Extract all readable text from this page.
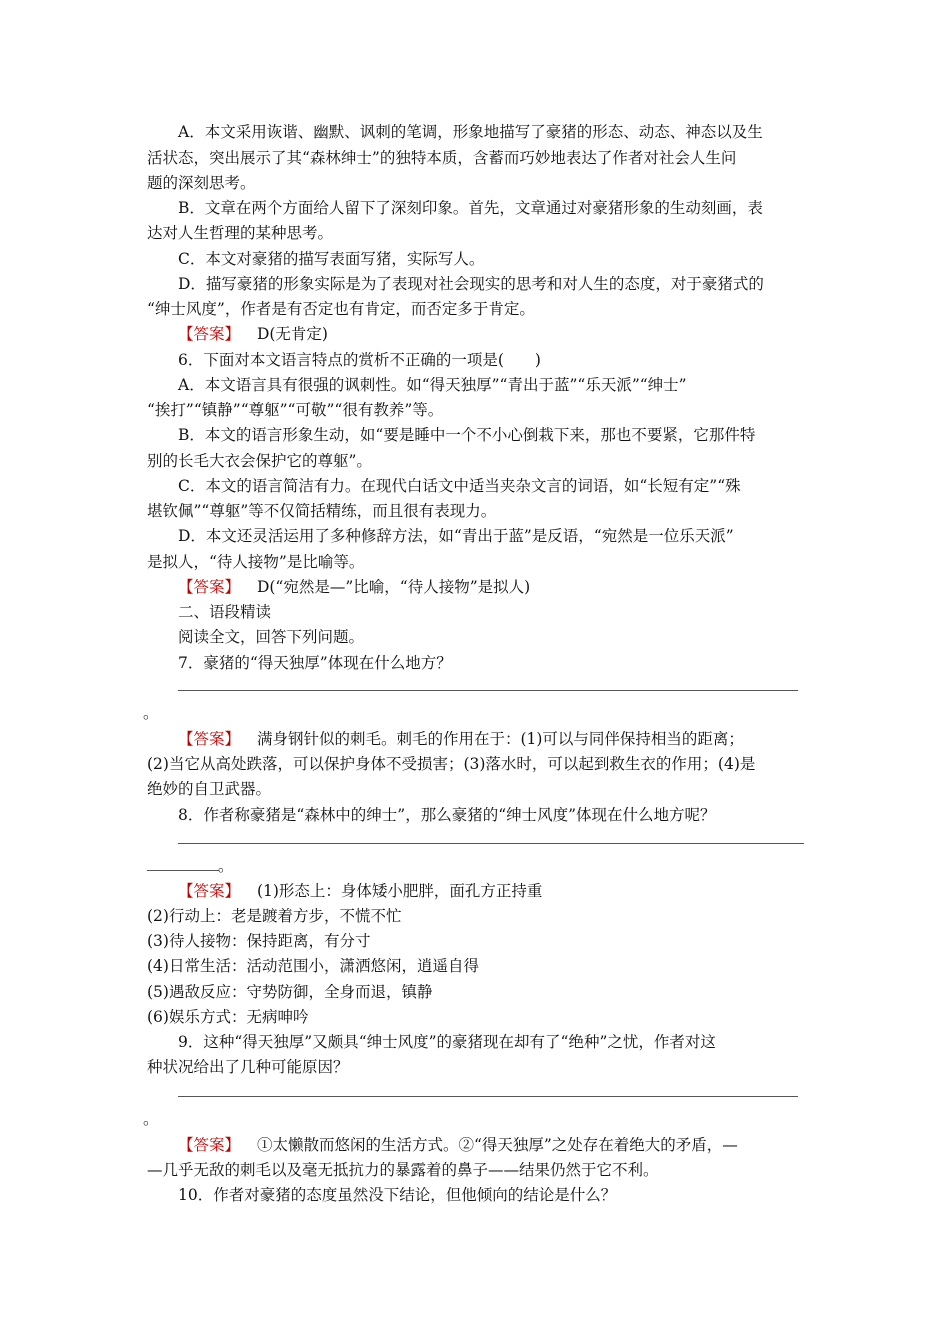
A．本文采用诙谐、幽默、讽刺的笔调，形象地描写了豪猪的形态、动态、神态以及生
活状态，突出展示了其“森林绅士”的独特本质，含蓄而巧妙地表达了作者对社会人生问
题的深刻思考。
B．文章在两个方面给人留下了深刻印象。首先，文章通过对豪猪形象的生动刻画，表
达对人生哲理的某种思考。
C．本文对豪猪的描写表面写猪，实际写人。
D．描写豪猪的形象实际是为了表现对社会现实的思考和对人生的态度，对于豪猪式的
“绅士风度”，作者是有否定也有肯定，而否定多于肯定。
【答案】 D(无肯定)
6．下面对本文语言特点的赏析不正确的一项是(　　)
A．本文语言具有很强的讽刺性。如“得天独厚”“青出于蓝”“乐天派”“绅士”
“挨打”“镇静”“尊躯”“可敬”“很有教养”等。
B．本文的语言形象生动，如“要是睡中一个不小心倒栽下来，那也不要紧，它那件特
别的长毛大衣会保护它的尊躯”。
C．本文的语言简洁有力。在现代白话文中适当夹杂文言的词语，如“长短有定”“殊
堪钦佩”“尊躯”等不仅简括精练，而且很有表现力。
D．本文还灵活运用了多种修辞方法，如“青出于蓝”是反语，“宛然是一位乐天派”
是拟人，“待人接物”是比喻等。
【答案】 D(“宛然是—”比喻，“待人接物”是拟人)
二、语段精读
阅读全文，回答下列问题。
7．豪猪的“得天独厚”体现在什么地方？
。
【答案】 满身钢针似的刺毛。刺毛的作用在于：(1)可以与同伴保持相当的距离；
(2)当它从高处跌落，可以保护身体不受损害；(3)落水时，可以起到救生衣的作用；(4)是
绝妙的自卫武器。
8．作者称豪猪是“森林中的绅士”，那么豪猪的“绅士风度”体现在什么地方呢？
。
【答案】 (1)形态上：身体矮小肥胖，面孔方正持重
(2)行动上：老是踱着方步，不慌不忙
(3)待人接物：保持距离，有分寸
(4)日常生活：活动范围小，潇洒悠闲，逍遥自得
(5)遇敌反应：守势防御，全身而退，镇静
(6)娱乐方式：无病呻吟
9．这种“得天独厚”又颇具“绅士风度”的豪猪现在却有了“绝种”之忧，作者对这
种状况给出了几种可能原因？
。
【答案】 ①太懒散而悠闲的生活方式。②“得天独厚”之处存在着绝大的矛盾，—
—几乎无敌的刺毛以及毫无抵抗力的暴露着的鼻子——结果仍然于它不利。
10．作者对豪猪的态度虽然没下结论，但他倾向的结论是什么？
